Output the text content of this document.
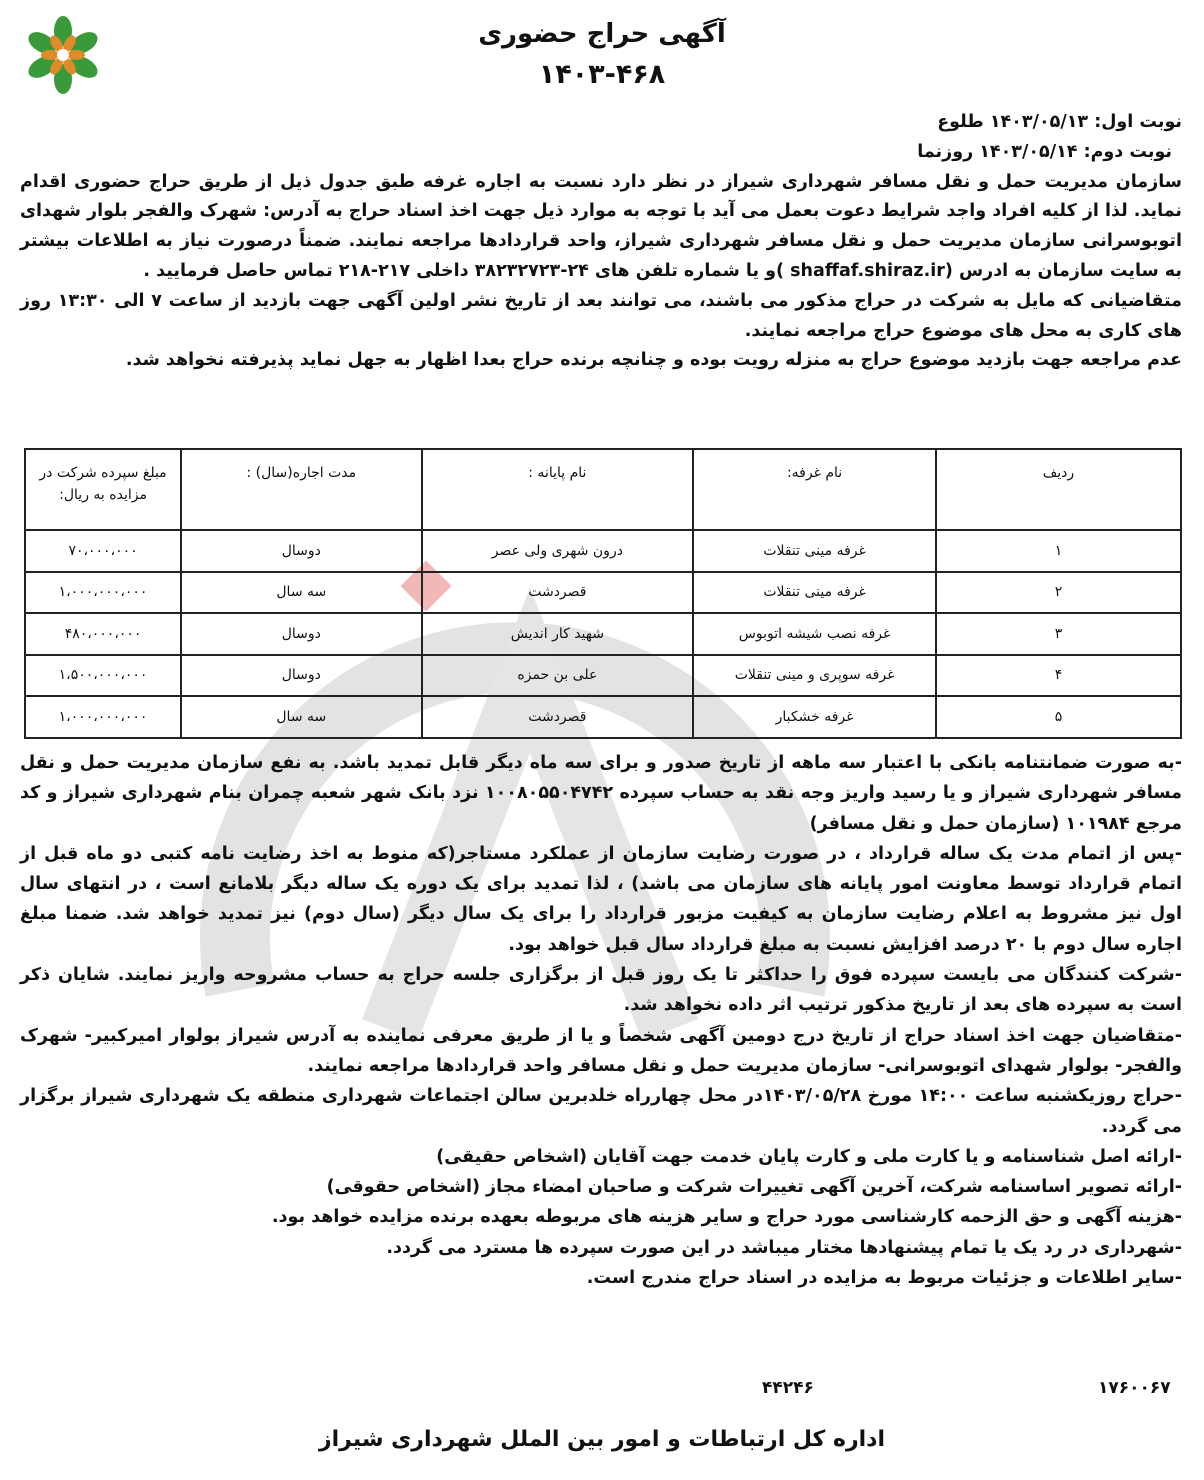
آگهی حراج حضوری
۱۴۰۳-۴۶۸

نوبت اول: ۱۴۰۳/۰۵/۱۳ طلوع

نوبت دوم: ۱۴۰۳/۰۵/۱۴ روزنما

سازمان مدیریت حمل و نقل مسافر شهرداری شیراز در نظر دارد نسبت به اجاره غرفه طبق جدول ذیل از طریق حراج حضوری اقدام نماید. لذا از کلیه افراد واجد شرایط دعوت بعمل می آید با توجه به موارد ذیل جهت اخذ اسناد حراج به آدرس: شهرک والفجر بلوار شهدای اتوبوسرانی سازمان مدیریت حمل و نقل مسافر شهرداری شیراز، واحد قراردادها مراجعه نمایند. ضمناً درصورت نیاز به اطلاعات بیشتر به سایت سازمان به ادرس (shaffaf.shiraz.ir )و یا شماره تلفن های ۲۴-۳۸۲۳۲۷۲۳ داخلی ۲۱۷-۲۱۸ تماس حاصل فرمایید .

متقاضیانی که مایل به شرکت در حراج مذکور می باشند، می توانند بعد از تاریخ نشر اولین آگهی جهت بازدید از ساعت ۷ الی ۱۳:۳۰ روز های کاری به محل های موضوع حراج مراجعه نمایند.

عدم مراجعه جهت بازدید موضوع حراج به منزله رویت بوده و چنانچه برنده حراج بعدا اظهار به جهل نماید پذیرفته نخواهد شد.

ردیف	نام غرفه:	نام پایانه :	مدت اجاره(سال) :	مبلغ سپرده شرکت در مزایده به ریال:
۱	غرفه مینی تنقلات	درون شهری ولی عصر	دوسال	۷۰،۰۰۰،۰۰۰
۲	غرفه مینی تنقلات	قصردشت	سه سال	۱،۰۰۰،۰۰۰،۰۰۰
۳	غرفه نصب شیشه اتوبوس	شهید کار اندیش	دوسال	۴۸۰،۰۰۰،۰۰۰
۴	غرفه سوپری و مینی تنقلات	علی بن حمزه	دوسال	۱،۵۰۰،۰۰۰،۰۰۰
۵	غرفه خشکبار	قصردشت	سه سال	۱،۰۰۰،۰۰۰،۰۰۰

-به صورت ضمانتنامه بانکی با اعتبار سه ماهه از تاریخ صدور و برای سه ماه دیگر قابل تمدید باشد. به نفع سازمان مدیریت حمل و نقل مسافر شهرداری شیراز و یا رسید واریز وجه نقد به حساب سپرده ۱۰۰۸۰۵۵۰۴۷۴۲ نزد بانک شهر شعبه چمران بنام شهرداری شیراز و کد مرجع ۱۰۱۹۸۴ (سازمان حمل و نقل مسافر)

-پس از اتمام مدت یک ساله قرارداد ، در صورت رضایت سازمان از عملکرد مستاجر(که منوط به اخذ رضایت نامه کتبی دو ماه قبل از اتمام قرارداد توسط معاونت امور پایانه های سازمان می باشد) ، لذا تمدید برای یک دوره یک ساله دیگر بلامانع است ، در انتهای سال اول نیز مشروط به اعلام رضایت سازمان به کیفیت مزبور قرارداد را برای یک سال دیگر (سال دوم) نیز تمدید خواهد شد. ضمنا مبلغ اجاره سال دوم با ۲۰ درصد افزایش نسبت به مبلغ قرارداد سال قبل خواهد بود.

-شرکت کنندگان می بایست سپرده فوق را حداکثر تا یک روز قبل از برگزاری جلسه حراج به حساب مشروحه واریز نمایند. شایان ذکر است به سپرده های بعد از تاریخ مذکور ترتیب اثر داده نخواهد شد.

-متقاضیان جهت اخذ اسناد حراج از تاریخ درج دومین آگهی شخصاً و یا از طریق معرفی نماینده به آدرس شیراز بولوار امیرکبیر- شهرک والفجر- بولوار شهدای اتوبوسرانی- سازمان مدیریت حمل و نقل مسافر واحد قراردادها مراجعه نمایند.

-حراج روزیکشنبه ساعت ۱۴:۰۰ مورخ ۱۴۰۳/۰۵/۲۸در محل چهارراه خلدبرین سالن اجتماعات شهرداری منطقه یک شهرداری شیراز برگزار می گردد.

-ارائه اصل شناسنامه و یا کارت ملی و کارت پایان خدمت جهت آقایان (اشخاص حقیقی)

-ارائه تصویر اساسنامه شرکت، آخرین آگهی تغییرات شرکت و صاحبان امضاء مجاز (اشخاص حقوقی)

-هزینه آگهی و حق الزحمه کارشناسی مورد حراج و سایر هزینه های مربوطه بعهده برنده مزایده خواهد بود.

-شهرداری در رد یک یا تمام پیشنهادها مختار میباشد در این صورت سپرده ها مسترد می گردد.

-سایر اطلاعات و جزئیات مربوط به مزایده در اسناد حراج مندرج است.

۱۷۶۰۰۶۷
۴۴۲۴۶
اداره کل ارتباطات و امور بین الملل شهرداری شیراز
